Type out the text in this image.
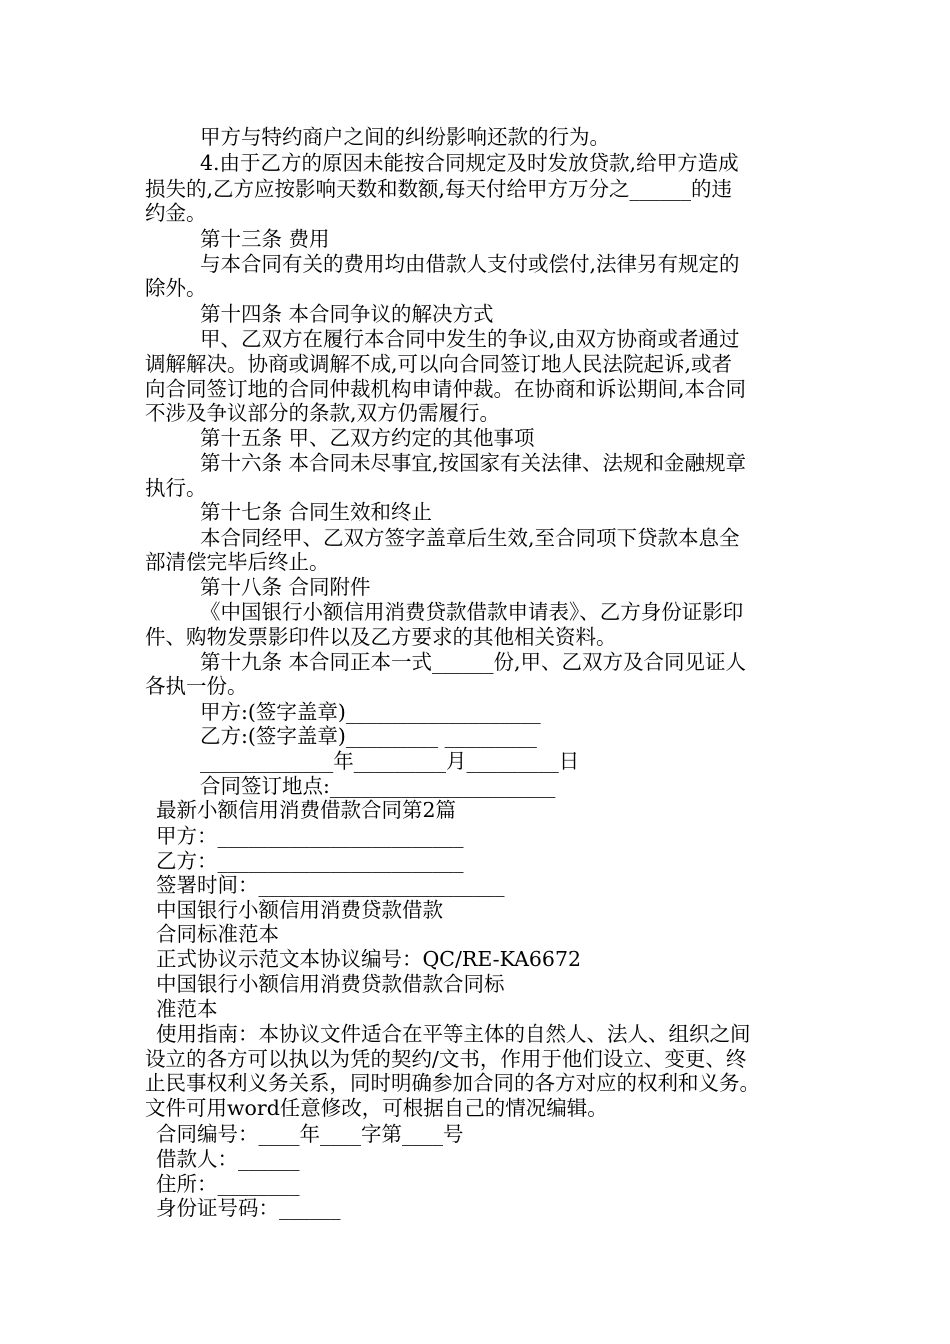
甲方与特约商户之间的纠纷影响还款的行为。
4.由于乙方的原因未能按合同规定及时发放贷款,给甲方造成
损失的,乙方应按影响天数和数额,每天付给甲方万分之______的违
约金。
第十三条 费用
与本合同有关的费用均由借款人支付或偿付,法律另有规定的
除外。
第十四条 本合同争议的解决方式
甲、乙双方在履行本合同中发生的争议,由双方协商或者通过
调解解决。协商或调解不成,可以向合同签订地人民法院起诉,或者
向合同签订地的合同仲裁机构申请仲裁。在协商和诉讼期间,本合同
不涉及争议部分的条款,双方仍需履行。
第十五条 甲、乙双方约定的其他事项
第十六条 本合同未尽事宜,按国家有关法律、法规和金融规章
执行。
第十七条 合同生效和终止
本合同经甲、乙双方签字盖章后生效,至合同项下贷款本息全
部清偿完毕后终止。
第十八条 合同附件
《中国银行小额信用消费贷款借款申请表》、乙方身份证影印
件、购物发票影印件以及乙方要求的其他相关资料。
第十九条 本合同正本一式______份,甲、乙双方及合同见证人
各执一份。
甲方:(签字盖章)___________________
乙方:(签字盖章)_________ _________
_____________年_________月_________日
合同签订地点:______________________
最新小额信用消费借款合同第2篇
甲方：________________________
乙方：________________________
签署时间：________________________
中国银行小额信用消费贷款借款
合同标准范本
正式协议示范文本协议编号：QC/RE-KA6672
中国银行小额信用消费贷款借款合同标
准范本
使用指南：本协议文件适合在平等主体的自然人、法人、组织之间
设立的各方可以执以为凭的契约/文书，作用于他们设立、变更、终
止民事权利义务关系，同时明确参加合同的各方对应的权利和义务。
文件可用word任意修改，可根据自己的情况编辑。
合同编号：____年____字第____号
借款人：______
住所：________
身份证号码：______
